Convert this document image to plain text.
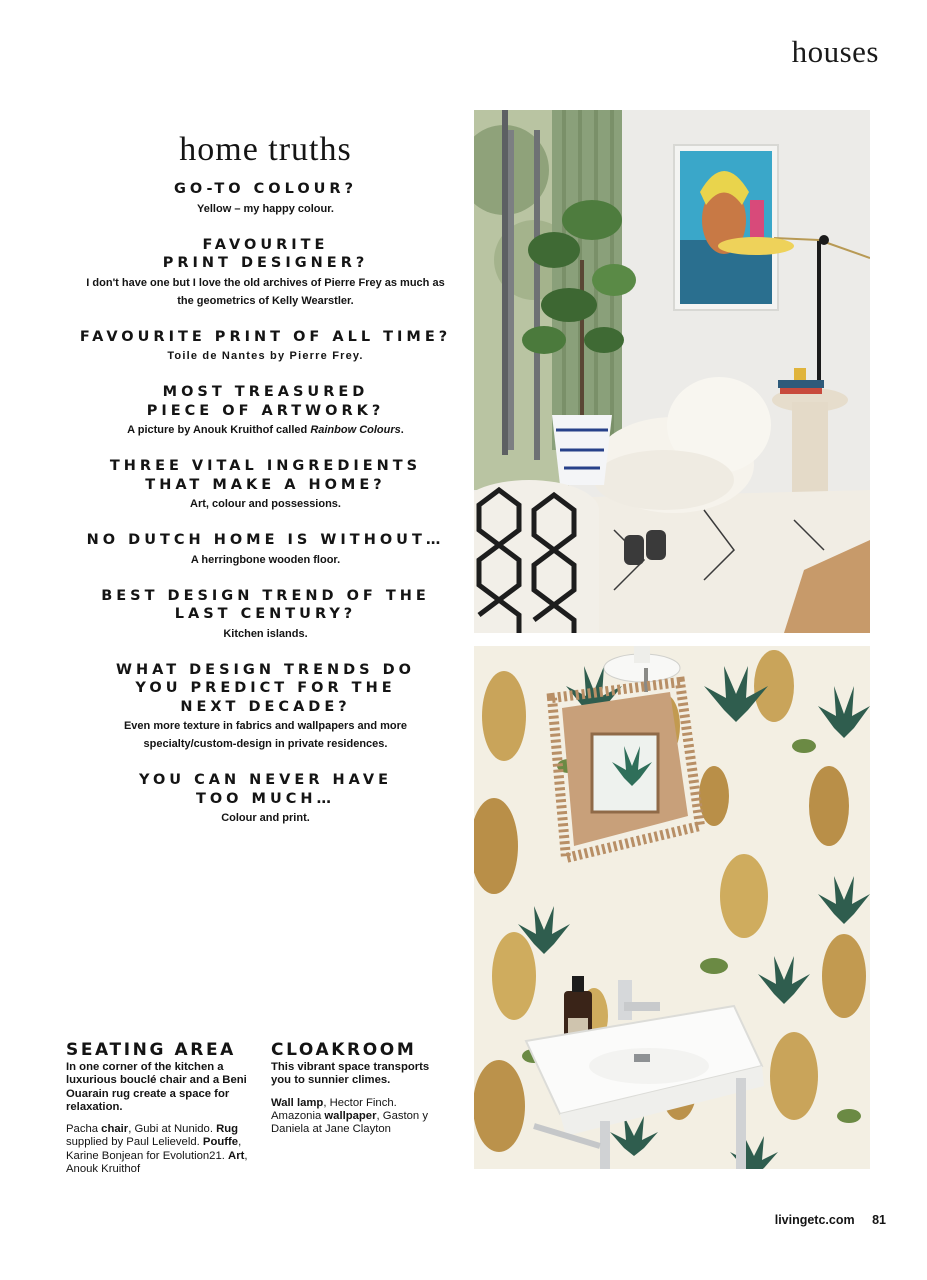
houses
home truths
GO-TO COLOUR?
Yellow – my happy colour.
FAVOURITE
PRINT DESIGNER?
I don't have one but I love the old archives of Pierre Frey as much as the geometrics of Kelly Wearstler.
FAVOURITE PRINT OF ALL TIME?
Toile de Nantes by Pierre Frey.
MOST TREASURED
PIECE OF ARTWORK?
A picture by Anouk Kruithof called Rainbow Colours.
THREE VITAL INGREDIENTS
THAT MAKE A HOME?
Art, colour and possessions.
NO DUTCH HOME IS WITHOUT…
A herringbone wooden floor.
BEST DESIGN TREND OF THE
LAST CENTURY?
Kitchen islands.
WHAT DESIGN TRENDS DO
YOU PREDICT FOR THE
NEXT DECADE?
Even more texture in fabrics and wallpapers and more specialty/custom-design in private residences.
YOU CAN NEVER HAVE
TOO MUCH…
Colour and print.
SEATING AREA
In one corner of the kitchen a luxurious bouclé chair and a Beni Ouarain rug create a space for relaxation.
Pacha chair, Gubi at Nunido. Rug supplied by Paul Lelieveld. Pouffe, Karine Bonjean for Evolution21. Art, Anouk Kruithof
CLOAKROOM
This vibrant space transports you to sunnier climes.
Wall lamp, Hector Finch. Amazonia wallpaper, Gaston y Daniela at Jane Clayton
livingetc.com 81
